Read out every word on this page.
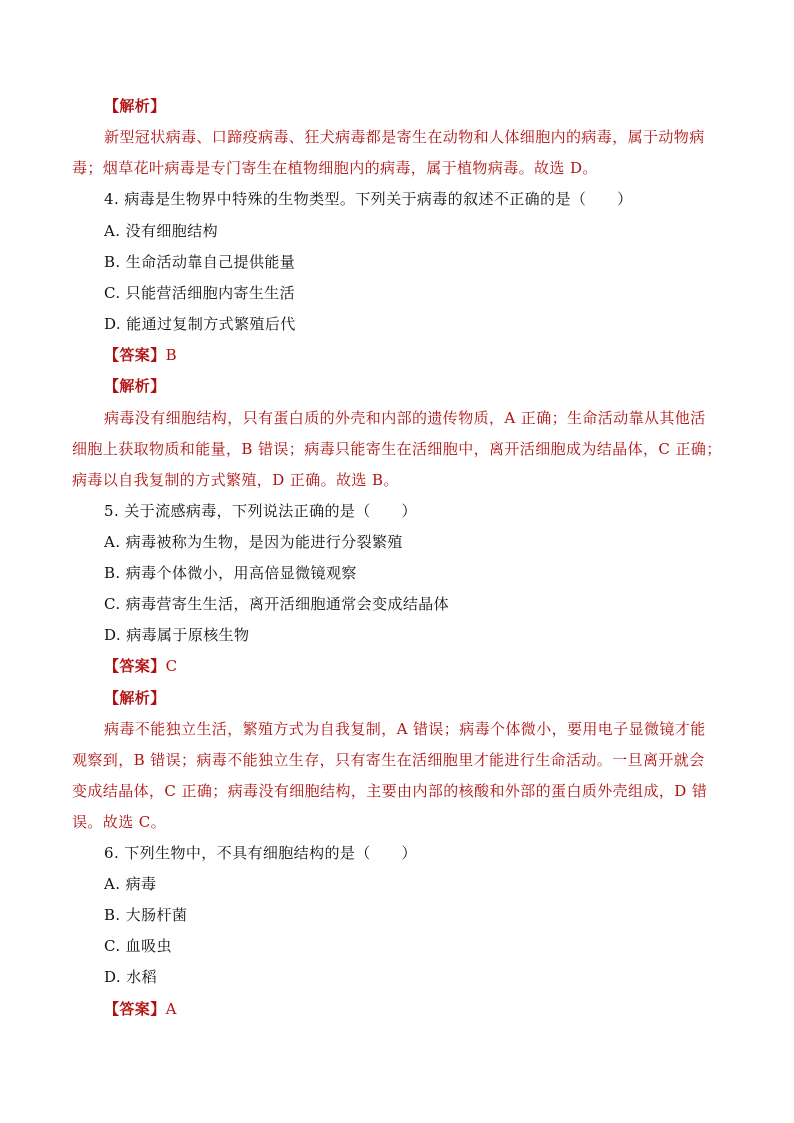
【解析】
新型冠状病毒、口蹄疫病毒、狂犬病毒都是寄生在动物和人体细胞内的病毒，属于动物病
毒；烟草花叶病毒是专门寄生在植物细胞内的病毒，属于植物病毒。故选 D。
4. 病毒是生物界中特殊的生物类型。下列关于病毒的叙述不正确的是（　　）
A. 没有细胞结构
B. 生命活动靠自己提供能量
C. 只能营活细胞内寄生生活
D. 能通过复制方式繁殖后代
【答案】B
【解析】
病毒没有细胞结构，只有蛋白质的外壳和内部的遗传物质，A 正确；生命活动靠从其他活
细胞上获取物质和能量，B 错误；病毒只能寄生在活细胞中，离开活细胞成为结晶体，C 正确；
病毒以自我复制的方式繁殖，D 正确。故选 B。
5. 关于流感病毒，下列说法正确的是（　　）
A. 病毒被称为生物，是因为能进行分裂繁殖
B. 病毒个体微小，用高倍显微镜观察
C. 病毒营寄生生活，离开活细胞通常会变成结晶体
D. 病毒属于原核生物
【答案】C
【解析】
病毒不能独立生活，繁殖方式为自我复制，A 错误；病毒个体微小，要用电子显微镜才能
观察到，B 错误；病毒不能独立生存，只有寄生在活细胞里才能进行生命活动。一旦离开就会
变成结晶体，C 正确；病毒没有细胞结构，主要由内部的核酸和外部的蛋白质外壳组成，D 错
误。故选 C。
6. 下列生物中，不具有细胞结构的是（　　）
A. 病毒
B. 大肠杆菌
C. 血吸虫
D. 水稻
【答案】A
